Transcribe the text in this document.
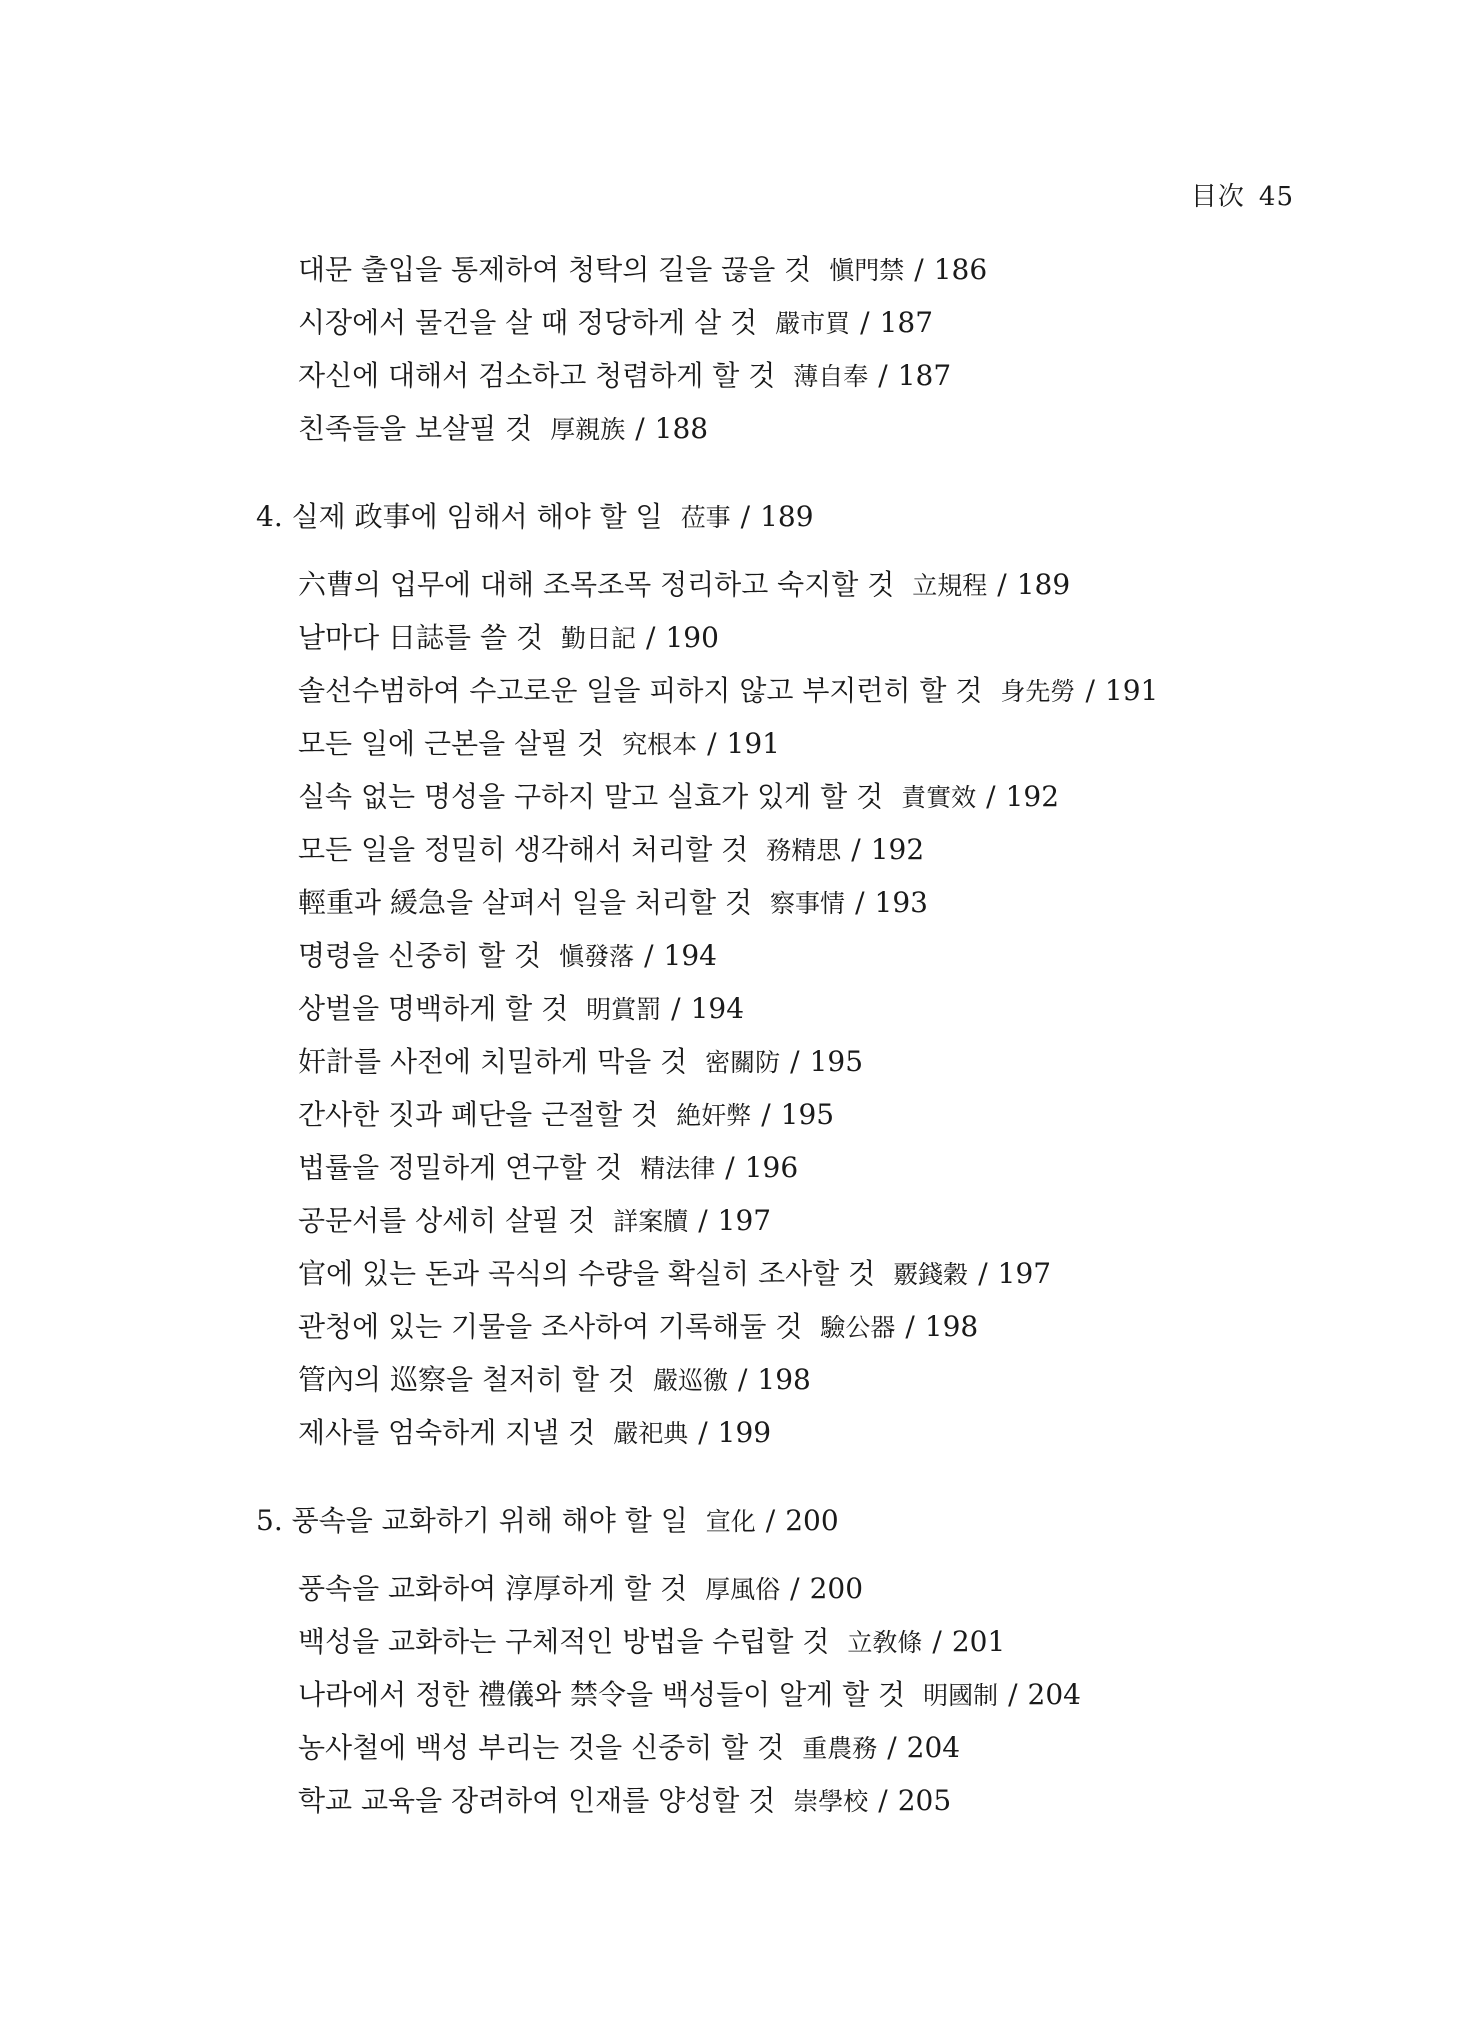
目次 45
대문 출입을 통제하여 청탁의 길을 끊을 것 愼門禁 / 186
시장에서 물건을 살 때 정당하게 살 것 嚴市買 / 187
자신에 대해서 검소하고 청렴하게 할 것 薄自奉 / 187
친족들을 보살필 것 厚親族 / 188
4. 실제 政事에 임해서 해야 할 일 莅事 / 189
六曹의 업무에 대해 조목조목 정리하고 숙지할 것 立規程 / 189
날마다 日誌를 쓸 것 勤日記 / 190
솔선수범하여 수고로운 일을 피하지 않고 부지런히 할 것 身先勞 / 191
모든 일에 근본을 살필 것 究根本 / 191
실속 없는 명성을 구하지 말고 실효가 있게 할 것 責實效 / 192
모든 일을 정밀히 생각해서 처리할 것 務精思 / 192
輕重과 緩急을 살펴서 일을 처리할 것 察事情 / 193
명령을 신중히 할 것 愼發落 / 194
상벌을 명백하게 할 것 明賞罰 / 194
奸計를 사전에 치밀하게 막을 것 密關防 / 195
간사한 짓과 폐단을 근절할 것 絶奸弊 / 195
법률을 정밀하게 연구할 것 精法律 / 196
공문서를 상세히 살필 것 詳案牘 / 197
官에 있는 돈과 곡식의 수량을 확실히 조사할 것 覈錢穀 / 197
관청에 있는 기물을 조사하여 기록해둘 것 驗公器 / 198
管內의 巡察을 철저히 할 것 嚴巡徼 / 198
제사를 엄숙하게 지낼 것 嚴祀典 / 199
5. 풍속을 교화하기 위해 해야 할 일 宣化 / 200
풍속을 교화하여 淳厚하게 할 것 厚風俗 / 200
백성을 교화하는 구체적인 방법을 수립할 것 立敎條 / 201
나라에서 정한 禮儀와 禁令을 백성들이 알게 할 것 明國制 / 204
농사철에 백성 부리는 것을 신중히 할 것 重農務 / 204
학교 교육을 장려하여 인재를 양성할 것 崇學校 / 205
